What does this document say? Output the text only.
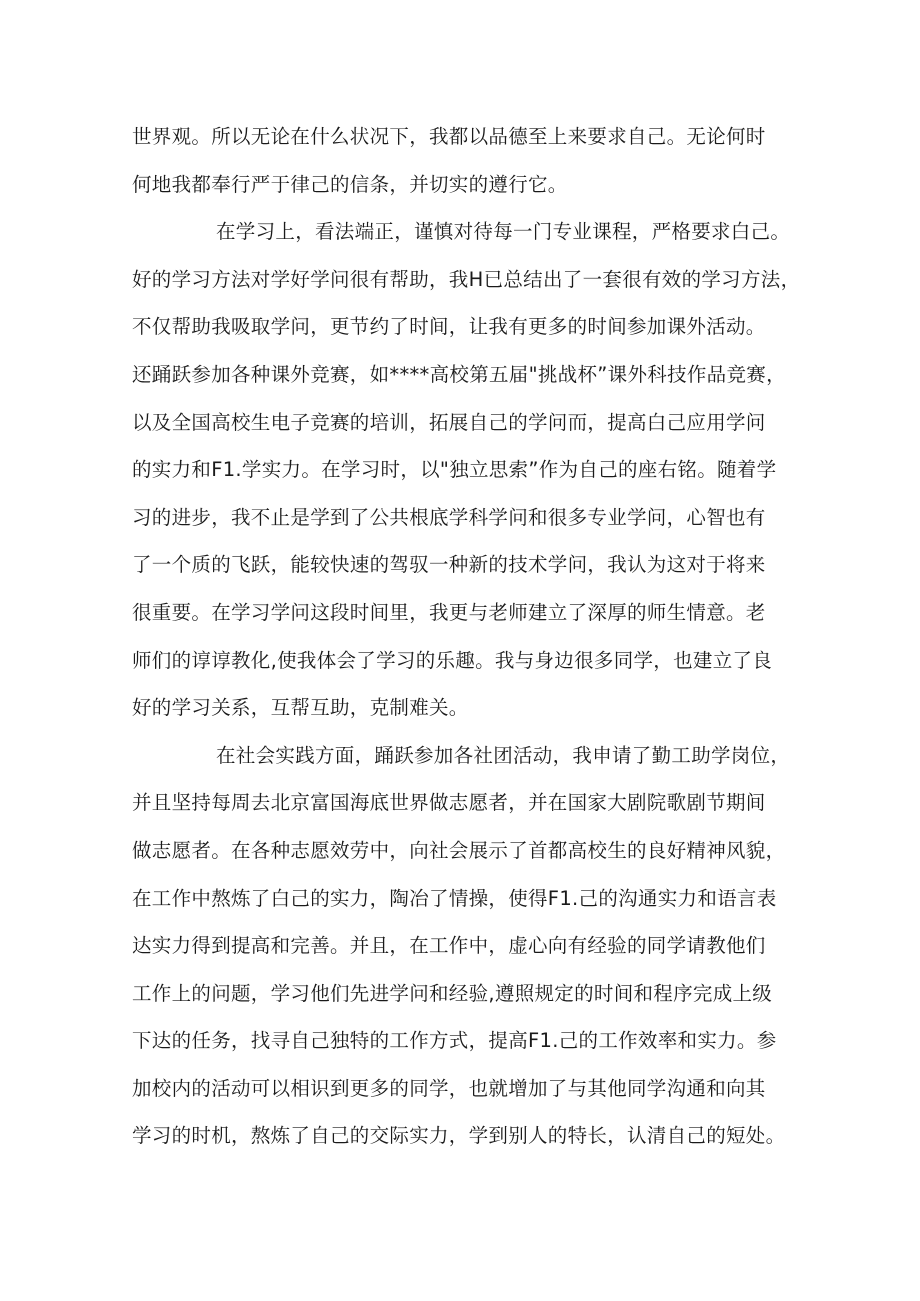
世界观。所以无论在什么状况下，我都以品德至上来要求自己。无论何时
何地我都奉行严于律己的信条，并切实的遵行它。
在学习上，看法端正，谨慎对待每一门专业课程，严格要求白己。
好的学习方法对学好学问很有帮助，我H已总结出了一套很有效的学习方法，
不仅帮助我吸取学问，更节约了时间，让我有更多的时间参加课外活动。
还踊跃参加各种课外竞赛，如****高校第五届"挑战杯”课外科技作品竞赛，
以及全国高校生电子竞赛的培训，拓展自己的学问而，提高白己应用学问
的实力和F1.学实力。在学习时，以"独立思索”作为自己的座右铭。随着学
习的进步，我不止是学到了公共根底学科学问和很多专业学问，心智也有
了一个质的飞跃，能较快速的驾驭一种新的技术学问，我认为这对于将来
很重要。在学习学问这段时间里，我更与老师建立了深厚的师生情意。老
师们的谆谆教化,使我体会了学习的乐趣。我与身边很多同学，也建立了良
好的学习关系，互帮互助，克制难关。
在社会实践方面，踊跃参加各社团活动，我申请了勤工助学岗位，
并且坚持每周去北京富国海底世界做志愿者，并在国家大剧院歌剧节期间
做志愿者。在各种志愿效劳中，向社会展示了首都高校生的良好精神风貌，
在工作中熬炼了白己的实力，陶冶了情操，使得F1.己的沟通实力和语言表
达实力得到提高和完善。并且，在工作中，虚心向有经验的同学请教他们
工作上的问题，学习他们先进学问和经验,遵照规定的时间和程序完成上级
下达的任务，找寻自己独特的工作方式，提高F1.己的工作效率和实力。参
加校内的活动可以相识到更多的同学，也就增加了与其他同学沟通和向其
学习的时机，熬炼了自己的交际实力，学到别人的特长，认清自己的短处。
